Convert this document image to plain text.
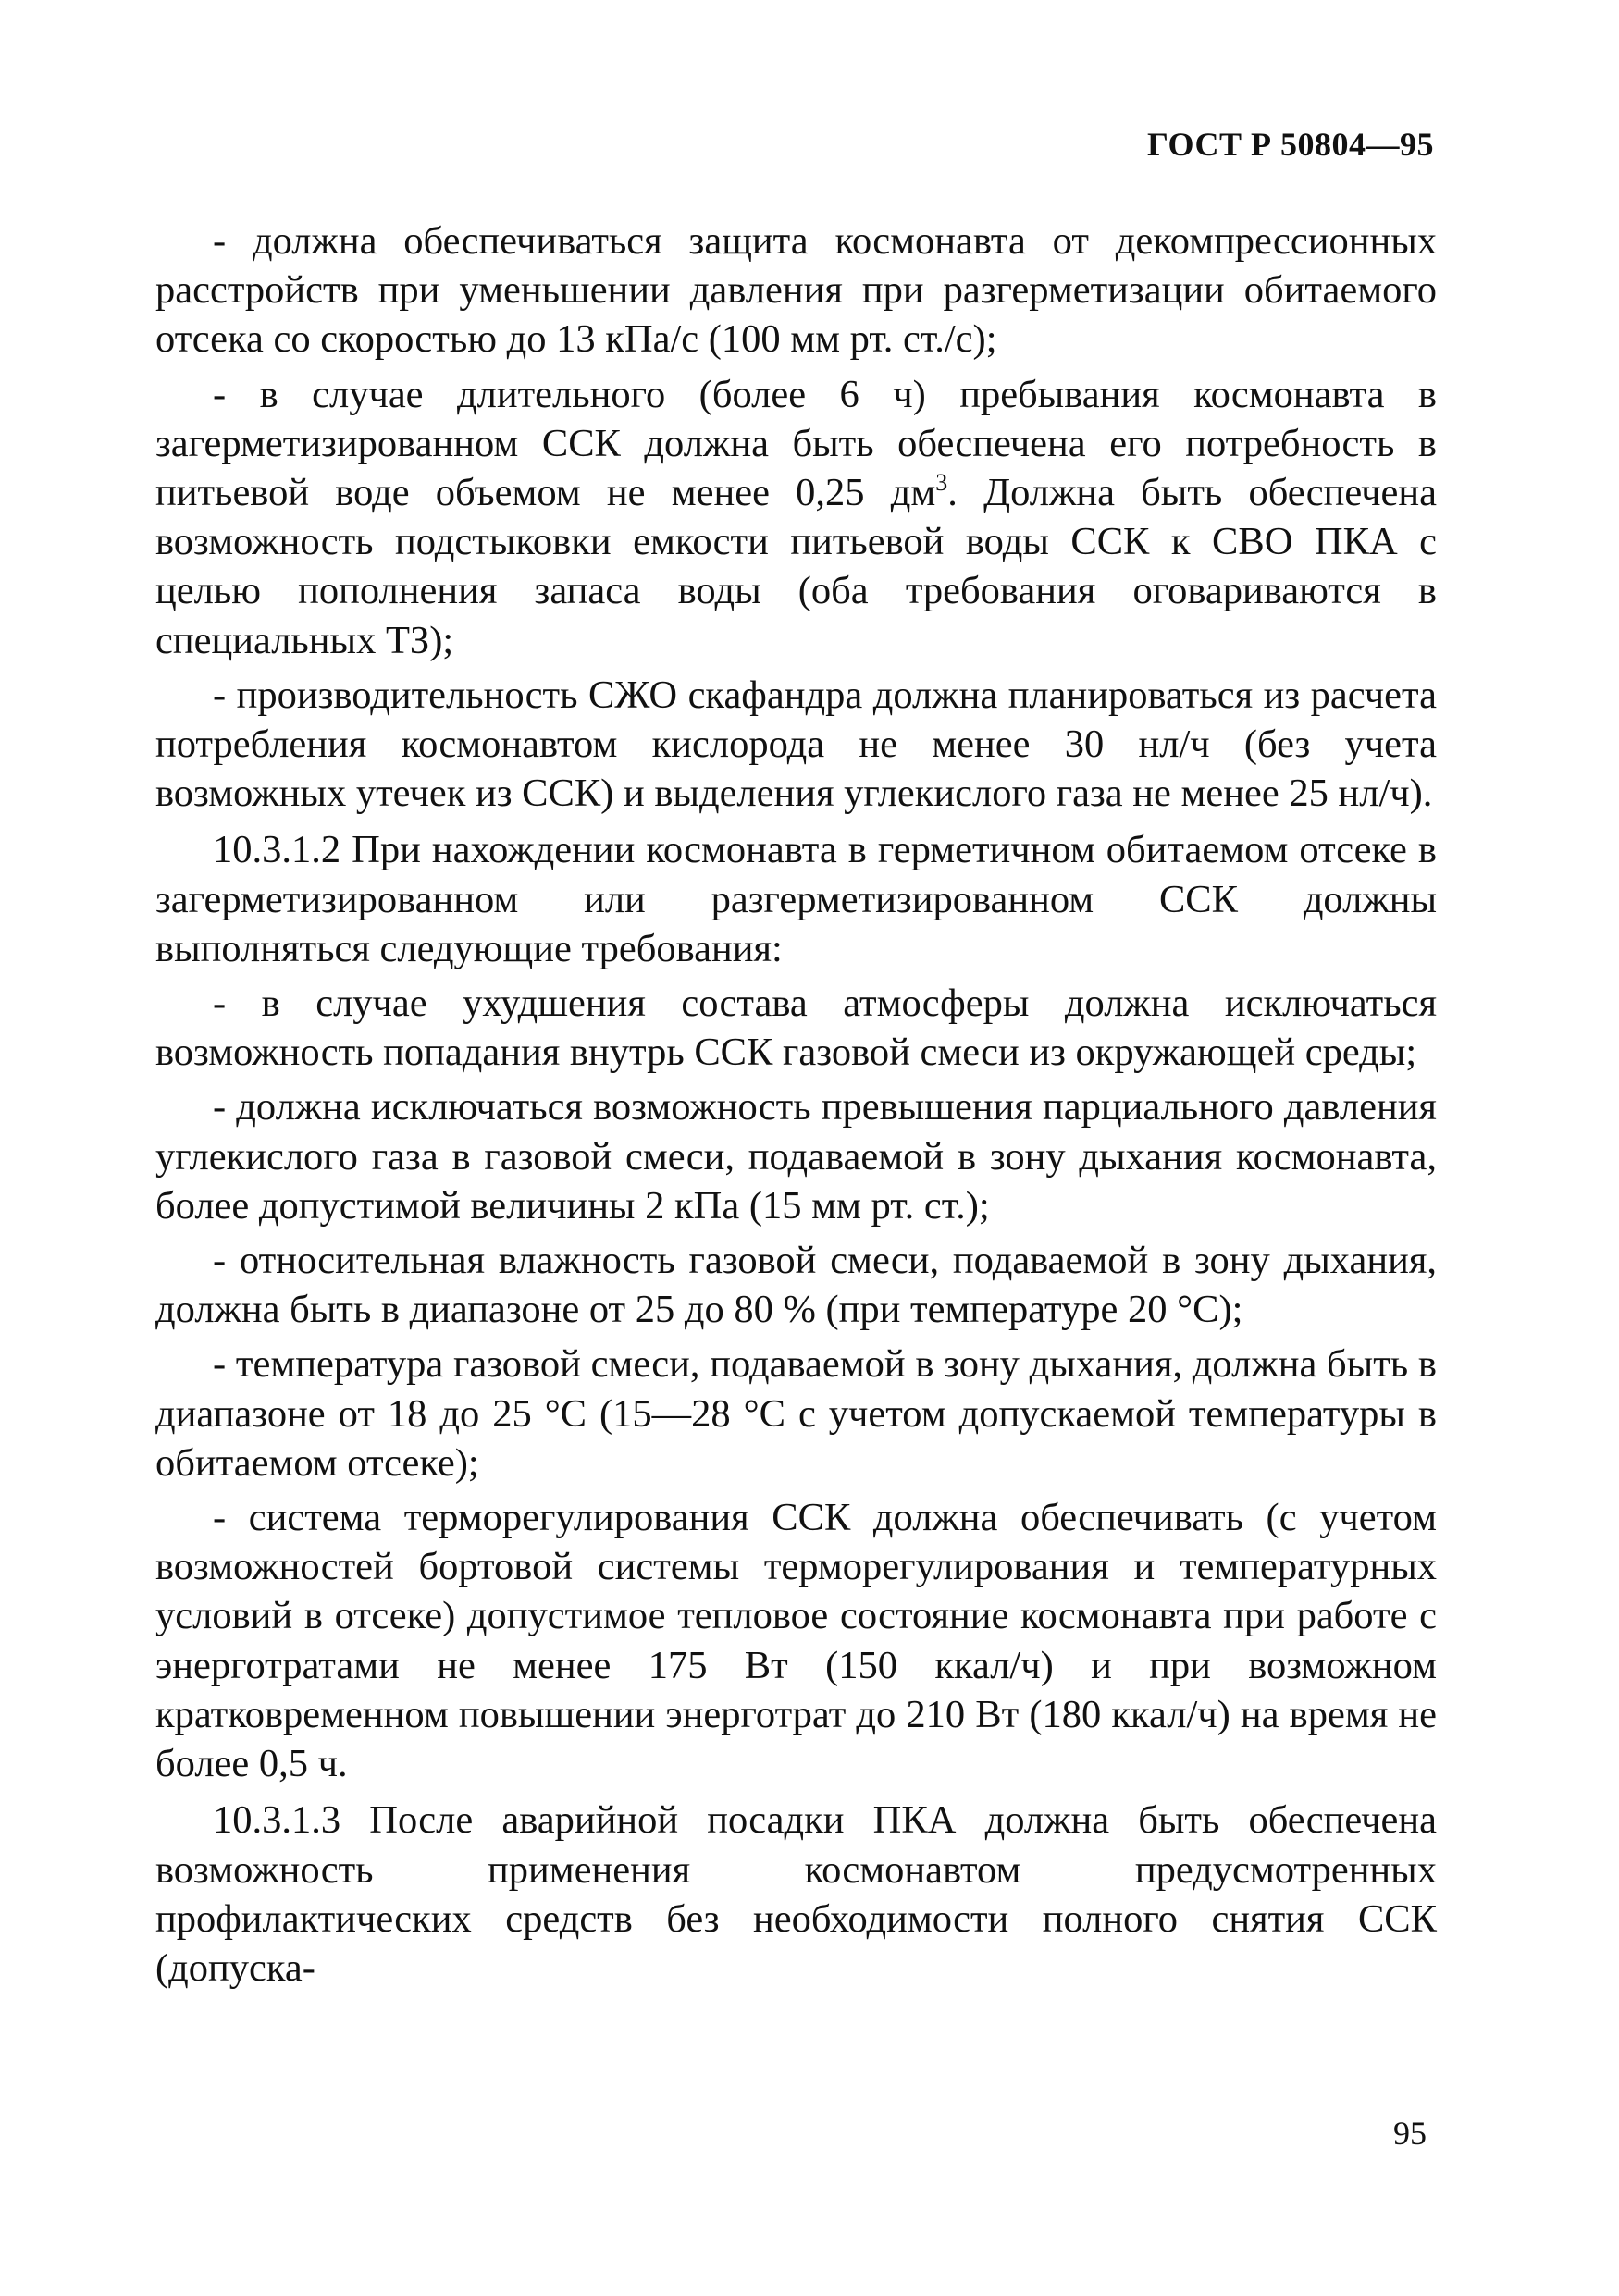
ГОСТ Р 50804—95

- должна обеспечиваться защита космонавта от декомпрессионных расстройств при уменьшении давления при разгерметизации обитаемого отсека со скоростью до 13 кПа/с (100 мм рт. ст./с);

- в случае длительного (более 6 ч) пребывания космонавта в загерметизированном ССК должна быть обеспечена его потребность в питьевой воде объемом не менее 0,25 $дм^3$. Должна быть обеспечена возможность подстыковки емкости питьевой воды ССК к СВО ПКА с целью пополнения запаса воды (оба требования оговариваются в специальных ТЗ);

- производительность СЖО скафандра должна планироваться из расчета потребления космонавтом кислорода не менее 30 нл/ч (без учета возможных утечек из ССК) и выделения углекислого газа не менее 25 нл/ч).

10.3.1.2 При нахождении космонавта в герметичном обитаемом отсеке в загерметизированном или разгерметизированном ССК должны выполняться следующие требования:

- в случае ухудшения состава атмосферы должна исключаться возможность попадания внутрь ССК газовой смеси из окружающей среды;

- должна исключаться возможность превышения парциального давления углекислого газа в газовой смеси, подаваемой в зону дыхания космонавта, более допустимой величины 2 кПа (15 мм рт. ст.);

- относительная влажность газовой смеси, подаваемой в зону дыхания, должна быть в диапазоне от 25 до 80 % (при температуре 20 °С);

- температура газовой смеси, подаваемой в зону дыхания, должна быть в диапазоне от 18 до 25 °С (15—28 °С с учетом допускаемой температуры в обитаемом отсеке);

- система терморегулирования ССК должна обеспечивать (с учетом возможностей бортовой системы терморегулирования и температурных условий в отсеке) допустимое тепловое состояние космонавта при работе с энерготратами не менее 175 Вт (150 ккал/ч) и при возможном кратковременном повышении энерготрат до 210 Вт (180 ккал/ч) на время не более 0,5 ч.

10.3.1.3 После аварийной посадки ПКА должна быть обеспечена возможность применения космонавтом предусмотренных профилактических средств без необходимости полного снятия ССК (допуска-

95
